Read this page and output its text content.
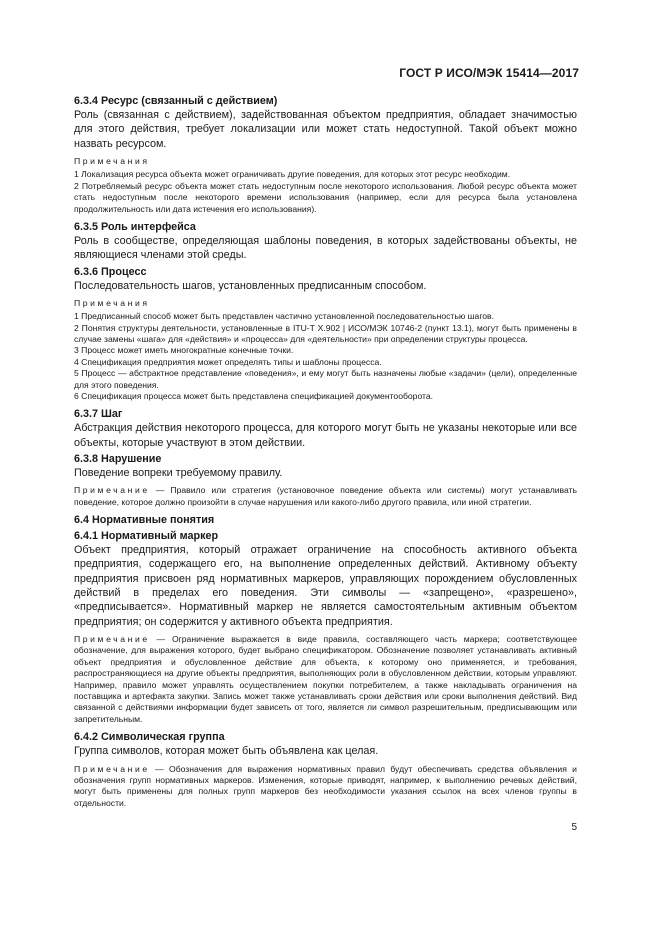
ГОСТ Р ИСО/МЭК 15414—2017

6.3.4 Ресурс (связанный с действием)

Роль (связанная с действием), задействованная объектом предприятия, обладает значимостью для этого действия, требует локализации или может стать недоступной. Такой объект можно назвать ресурсом.

Примечания

1 Локализация ресурса объекта может ограничивать другие поведения, для которых этот ресурс необходим.

2 Потребляемый ресурс объекта может стать недоступным после некоторого использования. Любой ресурс объекта может стать недоступным после некоторого времени использования (например, если для ресурса была установлена продолжительность или дата истечения его использования).

6.3.5 Роль интерфейса

Роль в сообществе, определяющая шаблоны поведения, в которых задействованы объекты, не являющиеся членами этой среды.

6.3.6 Процесс

Последовательность шагов, установленных предписанным способом.

Примечания

1 Предписанный способ может быть представлен частично установленной последовательностью шагов.

2 Понятия структуры деятельности, установленные в ITU-T X.902 | ИСО/МЭК 10746-2 (пункт 13.1), могут быть применены в случае замены «шага» для «действия» и «процесса» для «деятельности» при определении структуры процесса.

3 Процесс может иметь многократные конечные точки.

4 Спецификация предприятия может определять типы и шаблоны процесса.

5 Процесс — абстрактное представление «поведения», и ему могут быть назначены любые «задачи» (цели), определенные для этого поведения.

6 Спецификация процесса может быть представлена спецификацией документооборота.

6.3.7 Шаг

Абстракция действия некоторого процесса, для которого могут быть не указаны некоторые или все объекты, которые участвуют в этом действии.

6.3.8 Нарушение

Поведение вопреки требуемому правилу.

Примечание — Правило или стратегия (установочное поведение объекта или системы) могут устанавливать поведение, которое должно произойти в случае нарушения или какого-либо другого правила, или иной стратегии.

6.4 Нормативные понятия

6.4.1 Нормативный маркер

Объект предприятия, который отражает ограничение на способность активного объекта предприятия, содержащего его, на выполнение определенных действий. Активному объекту предприятия присвоен ряд нормативных маркеров, управляющих порождением обусловленных действий в пределах его поведения. Эти символы — «запрещено», «разрешено», «предписывается». Нормативный маркер не является самостоятельным активным объектом предприятия; он содержится у активного объекта предприятия.

Примечание — Ограничение выражается в виде правила, составляющего часть маркера; соответствующее обозначение, для выражения которого, будет выбрано спецификатором. Обозначение позволяет устанавливать активный объект предприятия и обусловленное действие для объекта, к которому оно применяется, и требования, распространяющиеся на другие объекты предприятия, выполняющих роли в обусловленном действии, которым управляют. Например, правило может управлять осуществлением покупки потребителем, а также накладывать ограничения на поставщика и артефакта закупки. Запись может также устанавливать сроки действия или сроки выполнения действий. Вид связанной с действиями информации будет зависеть от того, является ли символ разрешительным, предписывающим или запретительным.

6.4.2 Символическая группа

Группа символов, которая может быть объявлена как целая.

Примечание — Обозначения для выражения нормативных правил будут обеспечивать средства объявления и обозначения групп нормативных маркеров. Изменения, которые приводят, например, к выполнению речевых действий, могут быть применены для полных групп маркеров без необходимости указания ссылок на всех членов группы в отдельности.

5
